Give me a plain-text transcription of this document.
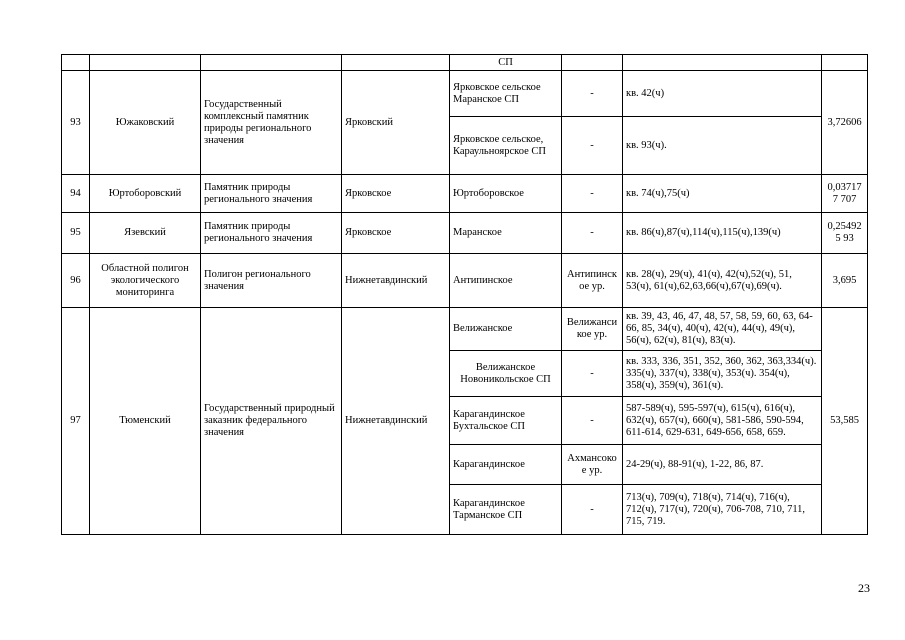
				СП			
93	Южаковский	Государственный комплексный памятник природы регионального значения	Ярковский	Ярковское сельское Маранское СП	-	кв. 42(ч)	3,72606
				Ярковское сельское, Караульноярское СП	-	кв. 93(ч).	
94	Юртоборовский	Памятник природы регионального значения	Ярковское	Юртоборовское	-	кв. 74(ч),75(ч)	0,037177 707
95	Язевский	Памятник природы регионального значения	Ярковское	Маранское	-	кв. 86(ч),87(ч),114(ч),115(ч),139(ч)	0,254925 93
96	Областной полигон экологического мониторинга	Полигон регионального значения	Нижнетавдинский	Антипинское	Антипинское ур.	кв. 28(ч), 29(ч), 41(ч), 42(ч),52(ч), 51, 53(ч), 61(ч),62,63,66(ч),67(ч),69(ч).	3,695
97	Тюменский	Государственный природный заказник федерального значения	Нижнетавдинский	Велижанское	Велижансикое ур.	кв. 39, 43, 46, 47, 48, 57, 58, 59, 60, 63, 64-66, 85, 34(ч), 40(ч), 42(ч), 44(ч), 49(ч), 56(ч), 62(ч), 81(ч), 83(ч).	53,585
				Велижанское Новоникольское СП	-	кв. 333, 336, 351, 352, 360, 362, 363,334(ч). 335(ч), 337(ч), 338(ч), 353(ч). 354(ч), 358(ч), 359(ч), 361(ч).	
				Карагандинское Бухтальское СП	-	587-589(ч), 595-597(ч), 615(ч), 616(ч), 632(ч), 657(ч), 660(ч), 581-586, 590-594, 611-614, 629-631, 649-656, 658, 659.	
				Карагандинское	Ахмансокое ур.	24-29(ч), 88-91(ч), 1-22, 86, 87.	
				Карагандинское Тарманское СП	-	713(ч), 709(ч), 718(ч), 714(ч), 716(ч), 712(ч), 717(ч), 720(ч), 706-708, 710, 711, 715, 719.	
23
